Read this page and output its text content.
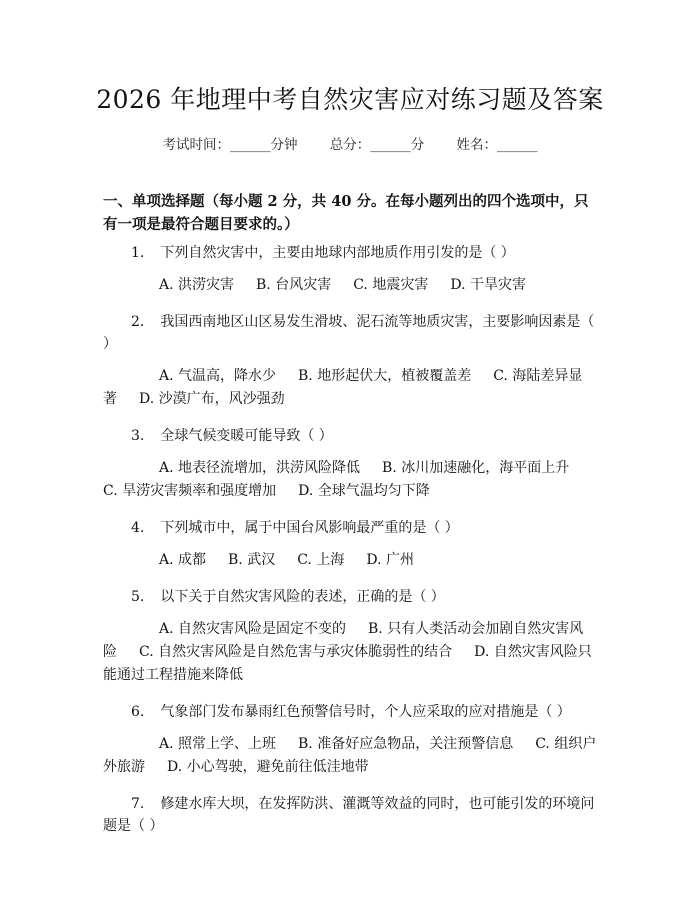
2026 年地理中考自然灾害应对练习题及答案
考试时间：______分钟 总分：______分 姓名：______
一、单项选择题（每小题 2 分，共 40 分。在每小题列出的四个选项中，只有一项是最符合题目要求的。）
1. 下列自然灾害中，主要由地球内部地质作用引发的是（ ）
A. 洪涝灾害 B. 台风灾害 C. 地震灾害 D. 干旱灾害
2. 我国西南地区山区易发生滑坡、泥石流等地质灾害，主要影响因素是（ ）
A. 气温高，降水少 B. 地形起伏大，植被覆盖差 C. 海陆差异显著 D. 沙漠广布，风沙强劲
3. 全球气候变暖可能导致（ ）
A. 地表径流增加，洪涝风险降低 B. 冰川加速融化，海平面上升C. 旱涝灾害频率和强度增加 D. 全球气温均匀下降
4. 下列城市中，属于中国台风影响最严重的是（ ）
A. 成都 B. 武汉 C. 上海 D. 广州
5. 以下关于自然灾害风险的表述，正确的是（ ）
A. 自然灾害风险是固定不变的 B. 只有人类活动会加剧自然灾害风险 C. 自然灾害风险是自然危害与承灾体脆弱性的结合 D. 自然灾害风险只能通过工程措施来降低
6. 气象部门发布暴雨红色预警信号时，个人应采取的应对措施是（ ）
A. 照常上学、上班 B. 准备好应急物品，关注预警信息 C. 组织户外旅游 D. 小心驾驶，避免前往低洼地带
7. 修建水库大坝，在发挥防洪、灌溉等效益的同时，也可能引发的环境问题是（ ）
